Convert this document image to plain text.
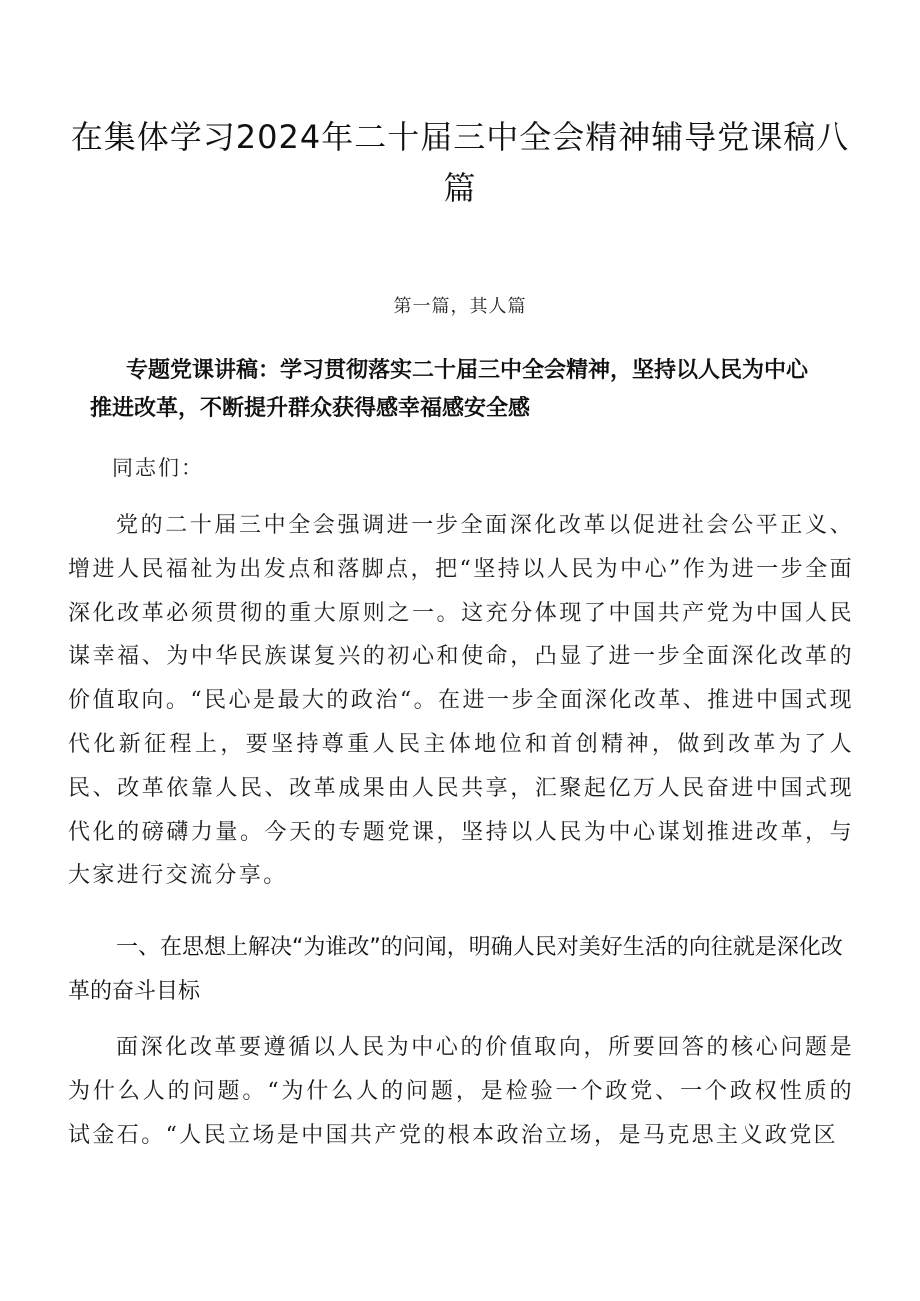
在集体学习2024年二十届三中全会精神辅导党课稿八篇
第一篇，其人篇
专题党课讲稿：学习贯彻落实二十届三中全会精神，坚持以人民为中心
推进改革，不断提升群众获得感幸福感安全感
同志们：

党的二十届三中全会强调进一步全面深化改革以促进社会公平正义、增进人民福祉为出发点和落脚点，把“坚持以人民为中心”作为进一步全面深化改革必须贯彻的重大原则之一。这充分体现了中国共产党为中国人民谋幸福、为中华民族谋复兴的初心和使命，凸显了进一步全面深化改革的价值取向。“民心是最大的政治“。在进一步全面深化改革、推进中国式现代化新征程上，要坚持尊重人民主体地位和首创精神，做到改革为了人民、改革依靠人民、改革成果由人民共享，汇聚起亿万人民奋进中国式现代化的磅礴力量。今天的专题党课，坚持以人民为中心谋划推进改革，与大家进行交流分享。

一、在思想上解决“为谁改”的问闻，明确人民对美好生活的向往就是深化改革的奋斗目标

面深化改革要遵循以人民为中心的价值取向，所要回答的核心问题是为什么人的问题。“为什么人的问题，是检验一个政党、一个政权性质的试金石。“人民立场是中国共产党的根本政治立场，是马克思主义政党区
